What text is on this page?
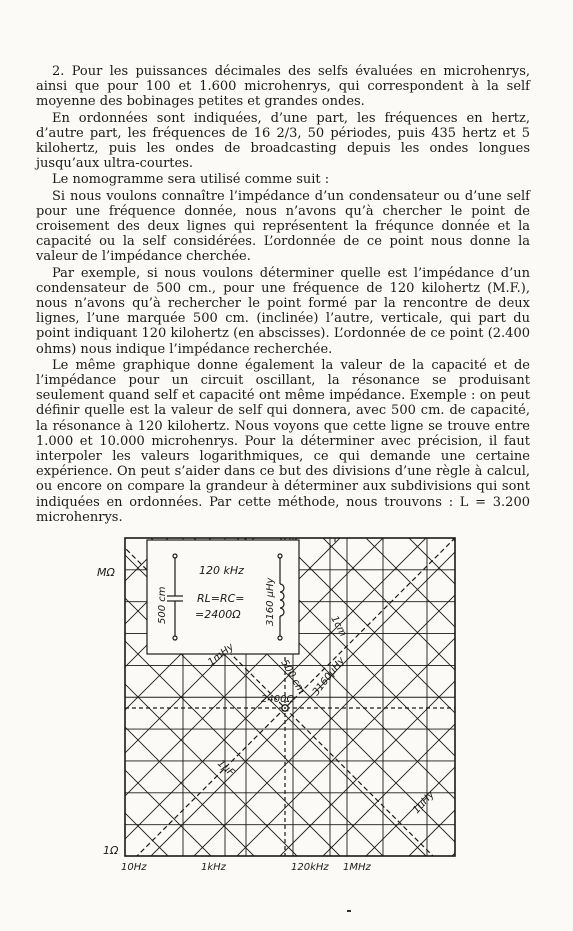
2. Pour les puissances décimales des selfs évaluées en microhenrys, ainsi que pour 100 et 1.600 microhenrys, qui correspondent à la self moyenne des bobinages petites et grandes ondes.

En ordonnées sont indiquées, d’une part, les fréquences en hertz, d’autre part, les fréquences de 16 2/3, 50 périodes, puis 435 hertz et 5 kilohertz, puis les ondes de broadcasting depuis les ondes longues jusqu’aux ultra-courtes.

Le nomogramme sera utilisé comme suit :

Si nous voulons connaître l’impédance d’un condensateur ou d’une self pour une fréquence donnée, nous n’avons qu’à chercher le point de croisement des deux lignes qui représentent la fréqunce donnée et la capacité ou la self considérées. L’ordonnée de ce point nous donne la valeur de l’impédance cherchée.

Par exemple, si nous voulons déterminer quelle est l’impédance d’un condensateur de 500 cm., pour une fréquence de 120 kilohertz (M.F.), nous n’avons qu’à rechercher le point formé par la rencontre de deux lignes, l’une marquée 500 cm. (inclinée) l’autre, verticale, qui part du point indiquant 120 kilohertz (en abscisses). L’ordonnée de ce point (2.400 ohms) nous indique l’impédance recherchée.

Le même graphique donne également la valeur de la capacité et de l’impédance pour un circuit oscillant, la résonance se produisant seulement quand self et capacité ont même impédance. Exemple : on peut définir quelle est la valeur de self qui donnera, avec 500 cm. de capacité, la résonance à 120 kilohertz. Nous voyons que cette ligne se trouve entre 1.000 et 10.000 microhenrys. Pour la déterminer avec précision, il faut interpoler les valeurs logarithmiques, ce qui demande une certaine expérience. On peut s’aider dans ce but des divisions d’une règle à calcul, ou encore on compare la grandeur à déterminer aux subdivisions qui sont indiquées en ordonnées. Par cette méthode, nous trouvons : L = 3.200 microhenrys.

120 kHz
RL=RC=
=2400Ω
500 cm	3160 μHy
1cm
1mHy
500 cm 3160μHy
2400Ω
1μF
1μHy
MΩ
1Ω
10Hz	1kHz	120kHz 1MHz
